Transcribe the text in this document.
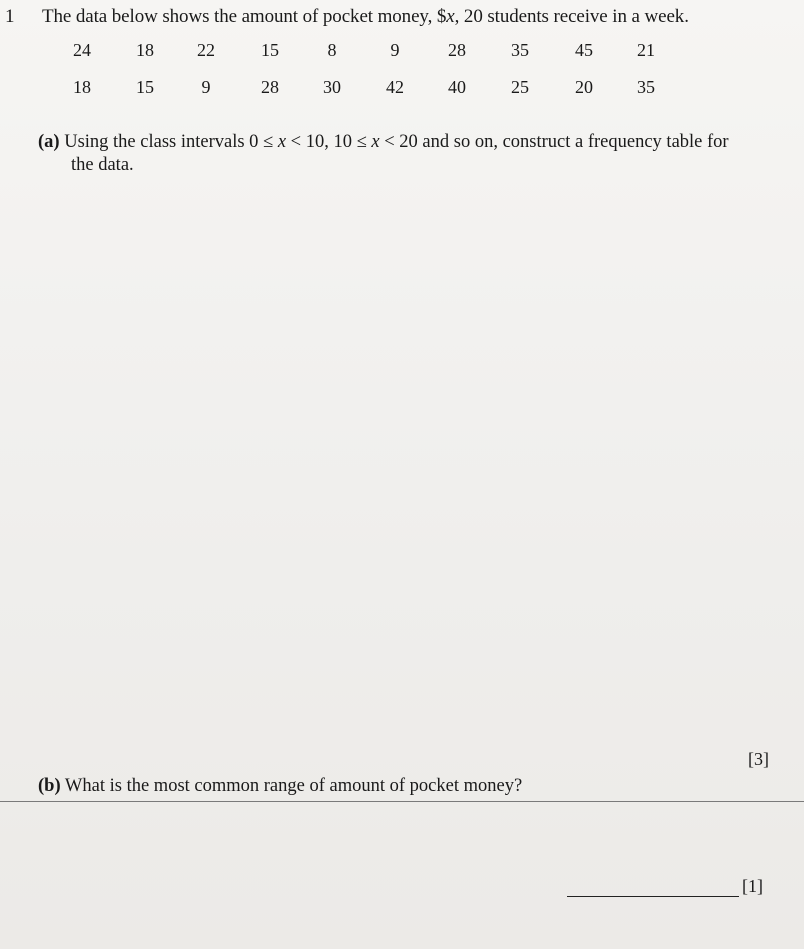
1 The data below shows the amount of pocket money, $x, 20 students receive in a week.
24	18	22	15	8	9	28	35	45	21
18	15	9	28	30	42	40	25	20	35
(a) Using the class intervals 0 ≤ x < 10, 10 ≤ x < 20 and so on, construct a frequency table for
the data.
[3]
(b) What is the most common range of amount of pocket money?
[1]
